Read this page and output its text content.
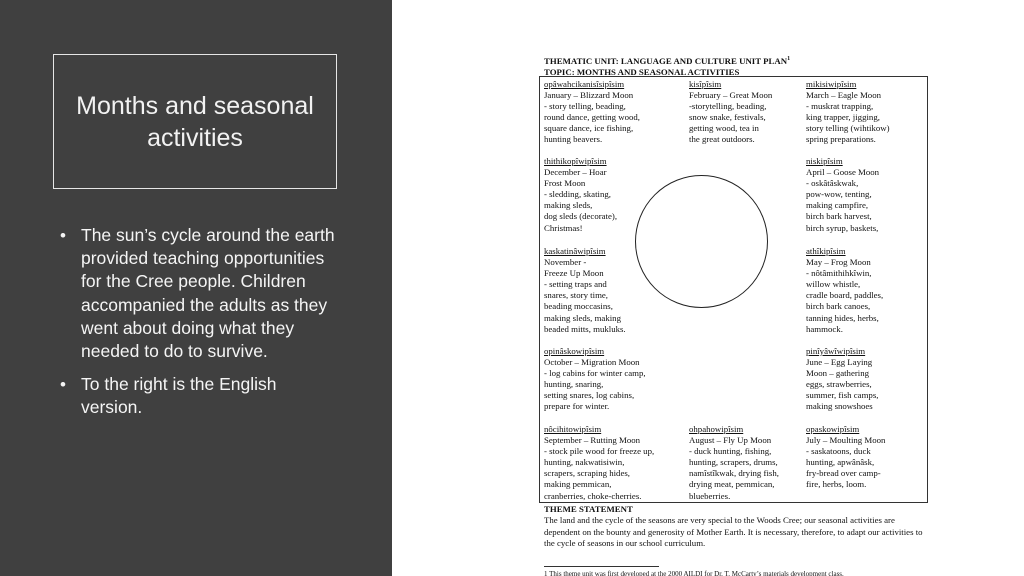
Months and seasonal activities
• The sun’s cycle around the earth provided teaching opportunities for the Cree people. Children accompanied the adults as they went about doing what they needed to do to survive.
• To the right is the English version.
THEMATIC UNIT: LANGUAGE AND CULTURE UNIT PLAN$^1$
TOPIC: MONTHS AND SEASONAL ACTIVITIES
opâwahcikanisîsipîsim
January – Blizzard Moon
- story telling, beading,
round dance, getting wood,
square dance, ice fishing,
hunting beavers.
kisîpîsim
February – Great Moon
-storytelling, beading,
snow snake, festivals,
getting wood, tea in
the great outdoors.
mikisiwipîsim
March – Eagle Moon
- muskrat trapping,
king trapper, jigging,
story telling (wihtikow)
spring preparations.
thithikopîwipîsim
December – Hoar
Frost Moon
- sledding, skating,
making sleds,
dog sleds (decorate),
Christmas!
niskipîsim
April – Goose Moon
- oskâtâskwak,
pow-wow, tenting,
making campfire,
birch bark harvest,
birch syrup, baskets,
kaskatinâwipîsim
November -
Freeze Up Moon
- setting traps and
snares, story time,
beading moccasins,
making sleds, making
beaded mitts, mukluks.
athîkipîsim
May – Frog Moon
- nôtâmithihkîwin,
willow whistle,
cradle board, paddles,
birch bark canoes,
tanning hides, herbs,
hammock.
opinâskowipîsim
October – Migration Moon
- log cabins for winter camp,
hunting, snaring,
setting snares, log cabins,
prepare for winter.
pinîyâwîwipîsim
June – Egg Laying
Moon – gathering
eggs, strawberries,
summer, fish camps,
making snowshoes
nôcihitowipîsim
September – Rutting Moon
- stock pile wood for freeze up,
hunting, nakwatisiwin,
scrapers, scraping hides,
making pemmican,
cranberries, choke-cherries.
ohpahowipîsim
August – Fly Up Moon
- duck hunting, fishing,
hunting, scrapers, drums,
namîstîkwak, drying fish,
drying meat, pemmican,
blueberries.
opaskowipîsim
July – Moulting Moon
- saskatoons, duck
hunting, apwânâsk,
fry-bread over camp-
fire, herbs, loom.
THEME STATEMENT
The land and the cycle of the seasons are very special to the Woods Cree; our seasonal activities are dependent on the bounty and generosity of Mother Earth. It is necessary, therefore, to adapt our activities to the cycle of seasons in our school curriculum.
1 This theme unit was first developed at the 2000 AILDI for Dr. T. McCarty’s materials development class.
